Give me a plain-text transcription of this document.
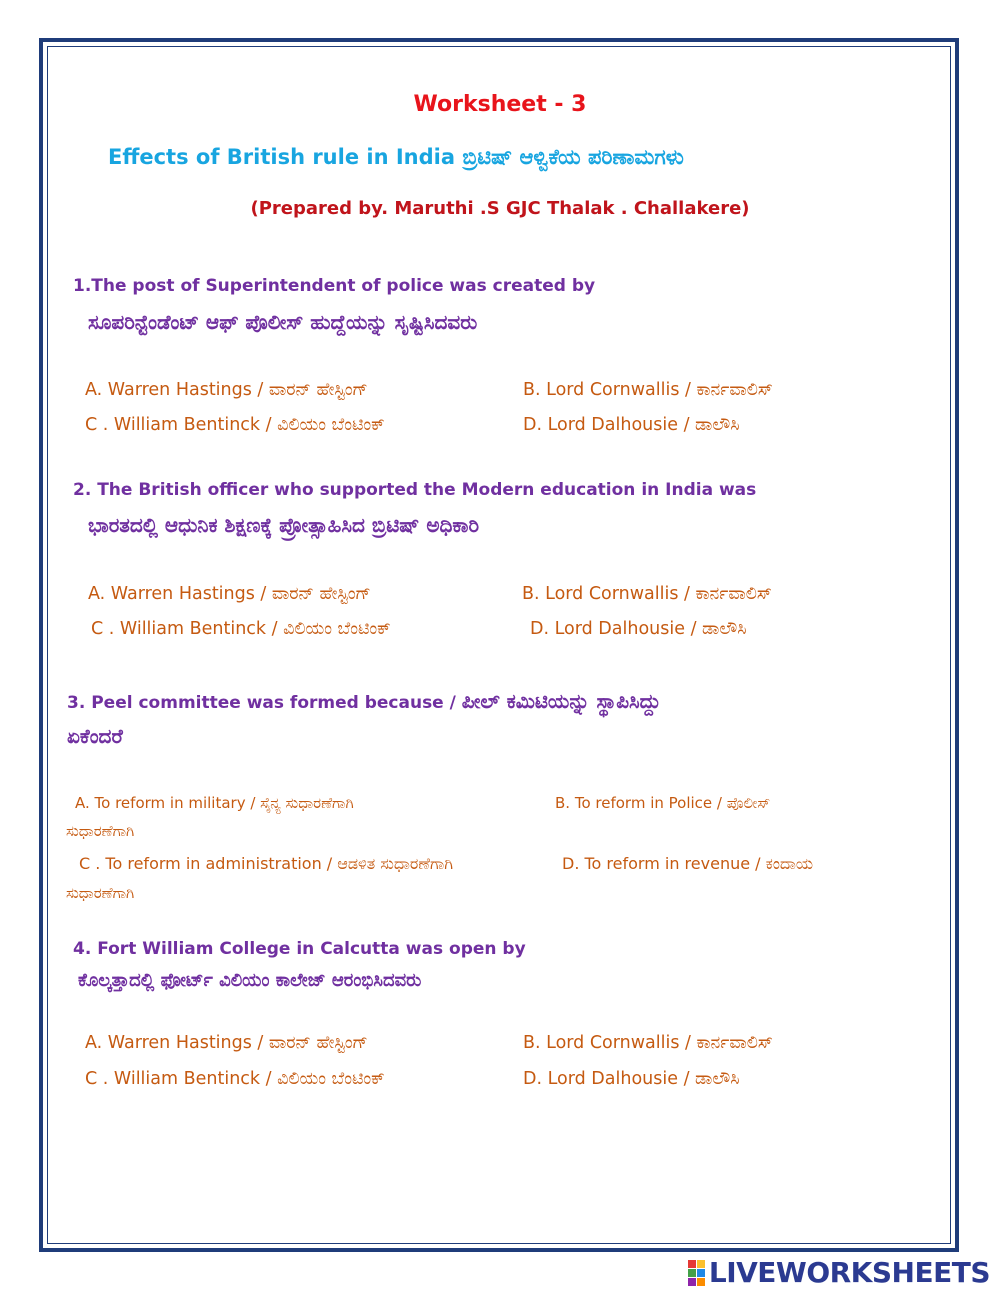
Worksheet - 3
Effects of British rule in India ಬ್ರಿಟಿಷ್ ಆಳ್ವಿಕೆಯ ಪರಿಣಾಮಗಳು
(Prepared by. Maruthi .S GJC Thalak . Challakere)
1.The post of Superintendent of police was created by
ಸೂಪರಿನ್ಟೆಂಡೆಂಟ್ ಆಫ್ ಪೊಲೀಸ್ ಹುದ್ದೆಯನ್ನು ಸೃಷ್ಟಿಸಿದವರು
A. Warren Hastings / ವಾರನ್ ಹೇಸ್ಟಿಂಗ್	B. Lord Cornwallis / ಕಾರ್ನವಾಲಿಸ್
C . William Bentinck / ವಿಲಿಯಂ ಬೆಂಟಿಂಕ್	D. Lord Dalhousie / ಡಾಲೌಸಿ
2. The British officer who supported the Modern education in India was
ಭಾರತದಲ್ಲಿ ಆಧುನಿಕ ಶಿಕ್ಷಣಕ್ಕೆ ಪ್ರೋತ್ಸಾಹಿಸಿದ ಬ್ರಿಟಿಷ್ ಅಧಿಕಾರಿ
A. Warren Hastings / ವಾರನ್ ಹೇಸ್ಟಿಂಗ್	B. Lord Cornwallis / ಕಾರ್ನವಾಲಿಸ್
C . William Bentinck / ವಿಲಿಯಂ ಬೆಂಟಿಂಕ್	D. Lord Dalhousie / ಡಾಲೌಸಿ
3. Peel committee was formed because / ಪೀಲ್ ಕಮಿಟಿಯನ್ನು ಸ್ಥಾಪಿಸಿದ್ದು
ಏಕೆಂದರೆ
A. To reform in military / ಸೈನ್ಯ ಸುಧಾರಣೆಗಾಗಿ	B. To reform in Police / ಪೊಲೀಸ್
ಸುಧಾರಣೆಗಾಗಿ
C . To reform in administration / ಆಡಳಿತ ಸುಧಾರಣೆಗಾಗಿ	D. To reform in revenue / ಕಂದಾಯ
ಸುಧಾರಣೆಗಾಗಿ
4. Fort William College in Calcutta was open by
ಕೊಲ್ಕತ್ತಾದಲ್ಲಿ ಫೋರ್ಟ್ ವಿಲಿಯಂ ಕಾಲೇಜ್ ಆರಂಭಿಸಿದವರು
A. Warren Hastings / ವಾರನ್ ಹೇಸ್ಟಿಂಗ್	B. Lord Cornwallis / ಕಾರ್ನವಾಲಿಸ್
C . William Bentinck / ವಿಲಿಯಂ ಬೆಂಟಿಂಕ್	D. Lord Dalhousie / ಡಾಲೌಸಿ
LIVEWORKSHEETS
